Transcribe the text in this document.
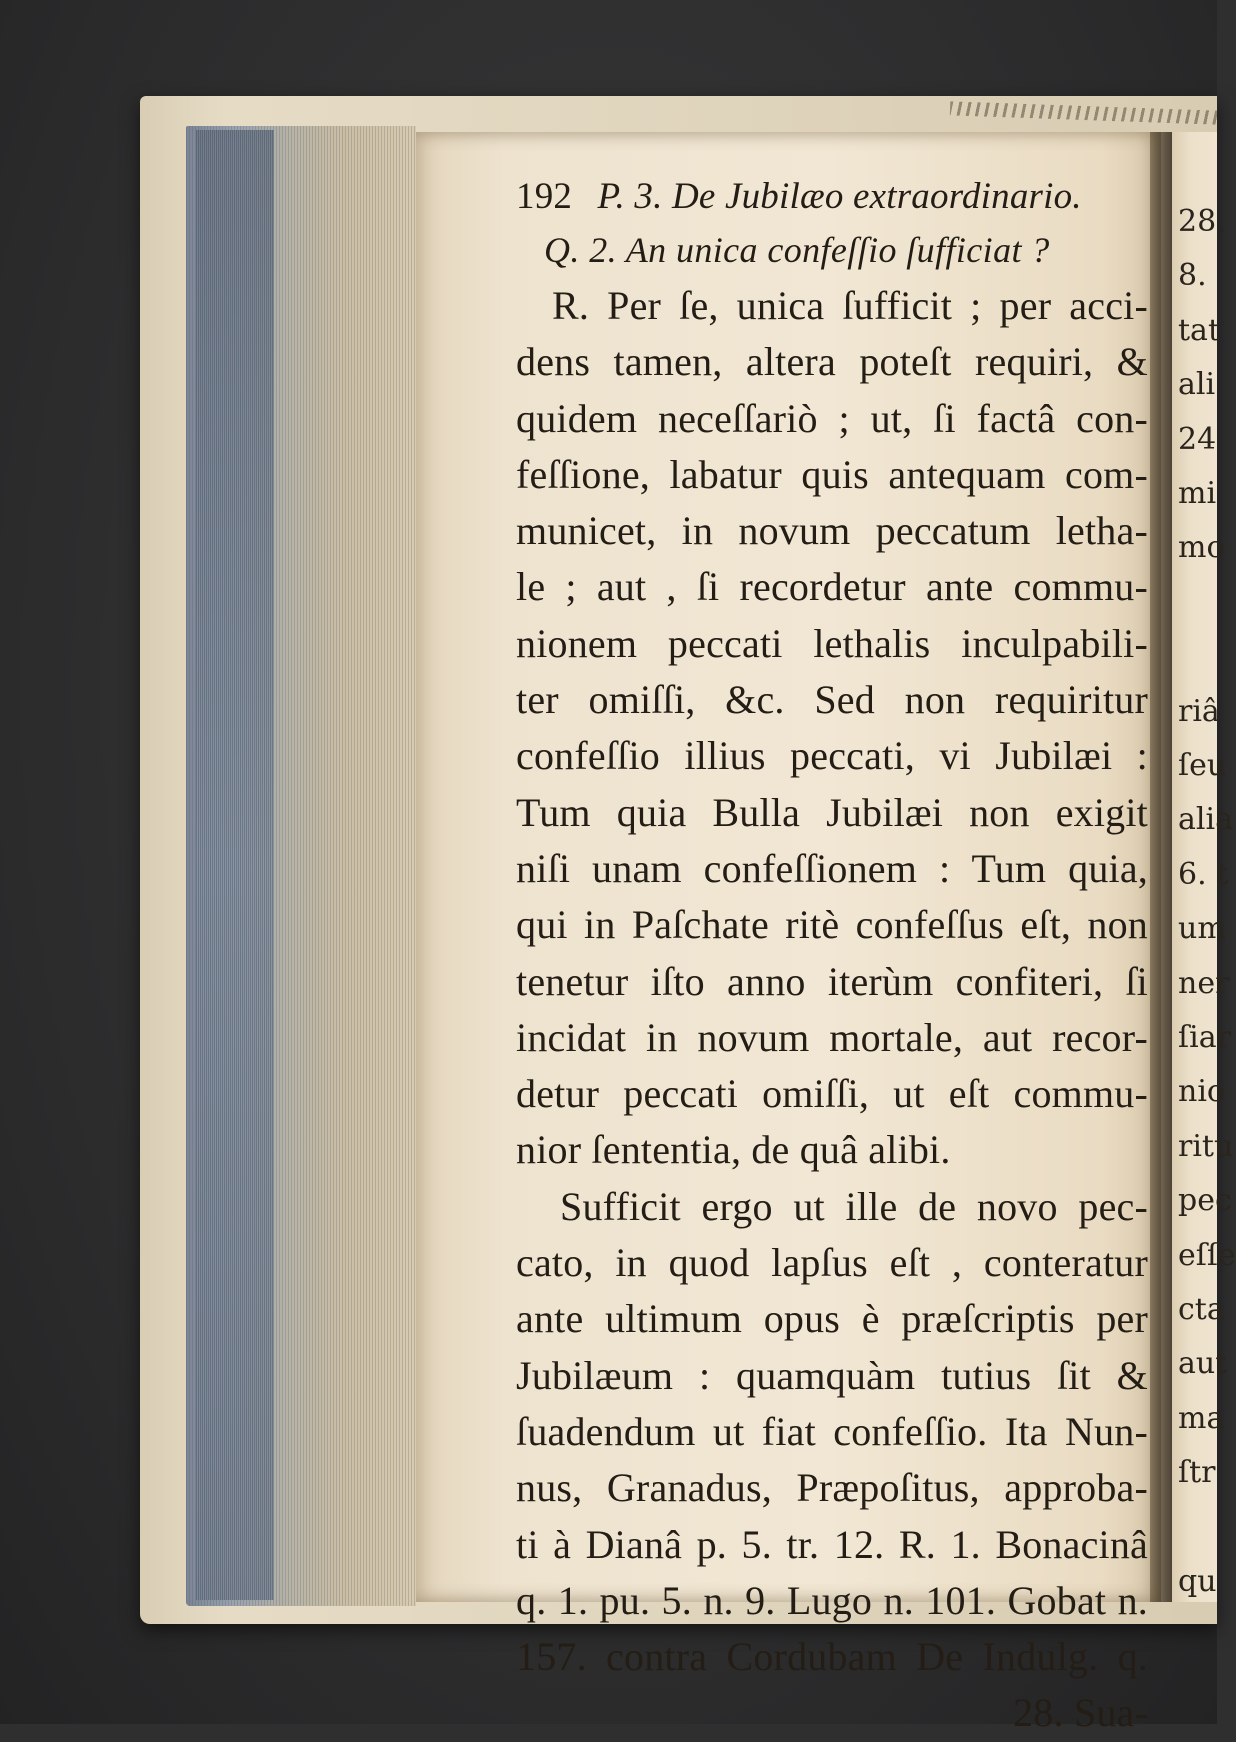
28.
8.
tat
ali
24
mi
mo
riâ
ſeu
alia
6. t
um
ner
ſiar
nio
ritu
pec
eſſe
cta
aut
ma
ſtr
qu
192 P. 3. De Jubilæo extraordinario.
Q. 2. An unica confeſſio ſufficiat ?
R. Per ſe, unica ſufficit ; per acci-
dens tamen, altera poteſt requiri, &
quidem neceſſariò ; ut, ſi factâ con-
feſſione, labatur quis antequam com-
municet, in novum peccatum letha-
le ; aut , ſi recordetur ante commu-
nionem peccati lethalis inculpabili-
ter omiſſi, &c. Sed non requiritur
confeſſio illius peccati, vi Jubilæi :
Tum quia Bulla Jubilæi non exigit
niſi unam confeſſionem : Tum quia,
qui in Paſchate ritè confeſſus eſt, non
tenetur iſto anno iterùm confiteri, ſi
incidat in novum mortale, aut recor-
detur peccati omiſſi, ut eſt commu-
nior ſententia, de quâ alibi.
Sufficit ergo ut ille de novo pec-
cato, in quod lapſus eſt , conteratur
ante ultimum opus è præſcriptis per
Jubilæum : quamquàm tutius ſit &
ſuadendum ut fiat confeſſio. Ita Nun-
nus, Granadus, Præpoſitus, approba-
ti à Dianâ p. 5. tr. 12. R. 1. Bonacinâ
q. 1. pu. 5. n. 9. Lugo n. 101. Gobat n.
157. contra Cordubam De Indulg. q.
28. Sua-
